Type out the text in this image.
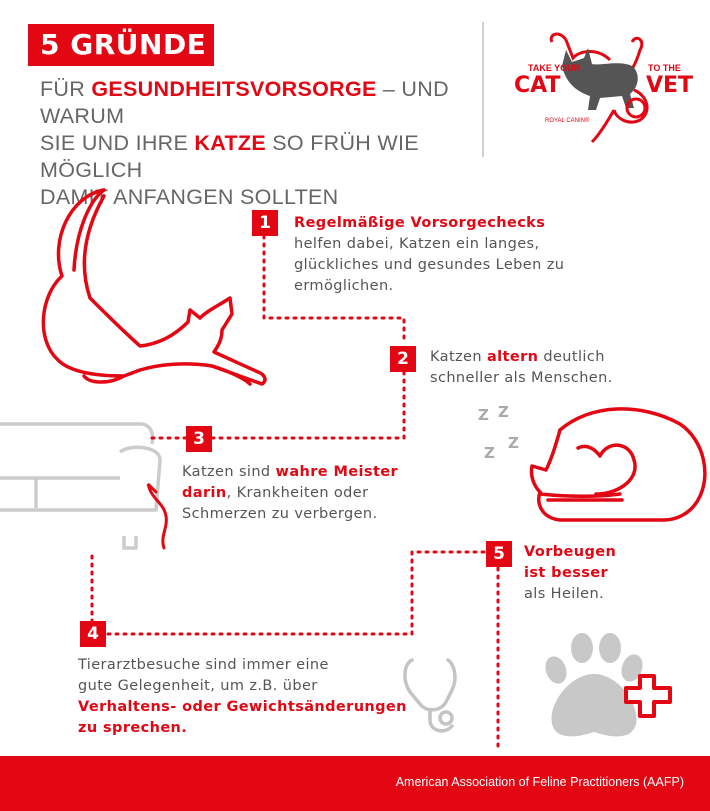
5 GRÜNDE
FÜR GESUNDHEITSVORSORGE – UND WARUM
SIE UND IHRE KATZE SO FRÜH WIE MÖGLICH
DAMIT ANFANGEN SOLLTEN
TAKE YOUR
CAT
TO THE
VET
ROYAL CANIN®
Z Z
Z
Z
1	Regelmäßige Vorsorgechecks
helfen dabei, Katzen ein langes, glückliches und gesundes Leben zu ermöglichen.
2	Katzen altern deutlich
schneller als Menschen.
3
Katzen sind wahre Meister
darin, Krankheiten oder
Schmerzen zu verbergen.
4
Tierarztbesuche sind immer eine
gute Gelegenheit, um z.B. über
Verhaltens- oder Gewichtsänderungen
zu sprechen.
5	Vorbeugen
ist besser
als Heilen.
American Association of Feline Practitioners (AAFP)
